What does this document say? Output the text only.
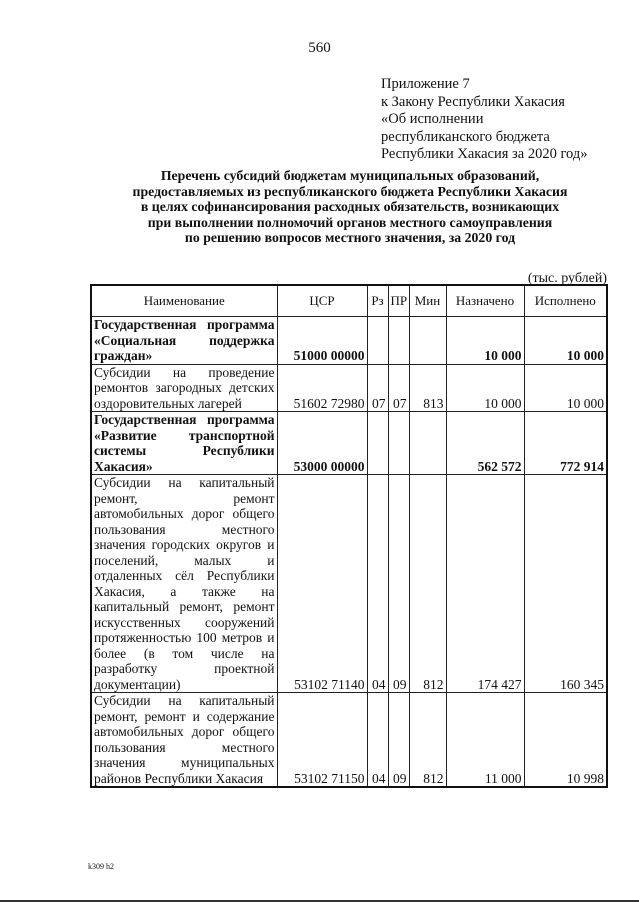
560
Приложение 7
к Закону Республики Хакасия
«Об исполнении
республиканского бюджета
Республики Хакасия за 2020 год»
Перечень субсидий бюджетам муниципальных образований,
предоставляемых из республиканского бюджета Республики Хакасия
в целях софинансирования расходных обязательств, возникающих
при выполнении полномочий органов местного самоуправления
по решению вопросов местного значения, за 2020 год
(тыс. рублей)
Наименование	ЦСР	Рз	ПР	Мин	Назначено	Исполнено
Государственная программа «Социальная поддержка граждан»	51000 00000				10 000	10 000
Субсидии на проведение ремонтов загородных детских оздоровительных лагерей	51602 72980	07	07	813	10 000	10 000
Государственная программа «Развитие транспортной системы Республики Хакасия»	53000 00000				562 572	772 914
Субсидии на капитальный ремонт, ремонт автомобильных дорог общего пользования местного значения городских округов и поселений, малых и отдаленных сёл Республики Хакасия, а также на капитальный ремонт, ремонт искусственных сооружений протяженностью 100 метров и более (в том числе на разработку проектной документации)	53102 71140	04	09	812	174 427	160 345
Субсидии на капитальный ремонт, ремонт и содержание автомобильных дорог общего пользования местного значения муниципальных районов Республики Хакасия	53102 71150	04	09	812	11 000	10 998
k309 h2
